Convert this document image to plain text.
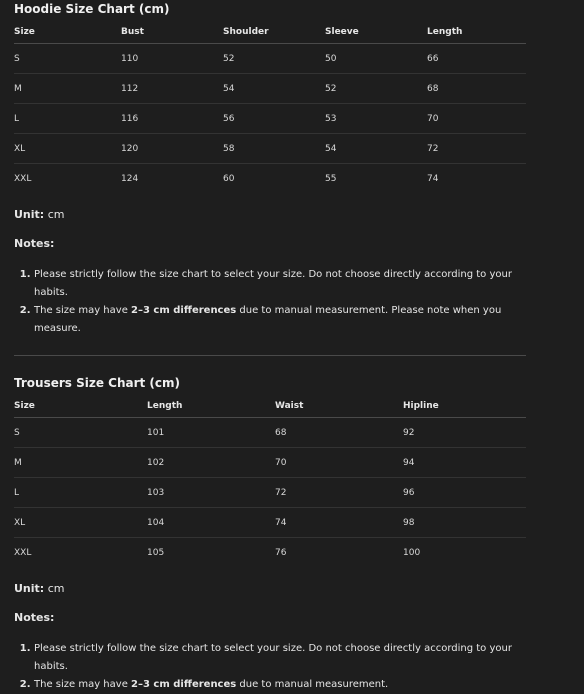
Hoodie Size Chart (cm)
Size	Bust	Shoulder	Sleeve	Length
S	110	52	50	66
M	112	54	52	68
L	116	56	53	70
XL	120	58	54	72
XXL	124	60	55	74

Unit: cm

Notes:

1. Please strictly follow the size chart to select your size. Do not choose directly according to your habits.
2. The size may have 2–3 cm differences due to manual measurement. Please note when you measure.
Trousers Size Chart (cm)
Size	Length	Waist	Hipline
S	101	68	92
M	102	70	94
L	103	72	96
XL	104	74	98
XXL	105	76	100

Unit: cm

Notes:

1. Please strictly follow the size chart to select your size. Do not choose directly according to your habits.
2. The size may have 2–3 cm differences due to manual measurement.
